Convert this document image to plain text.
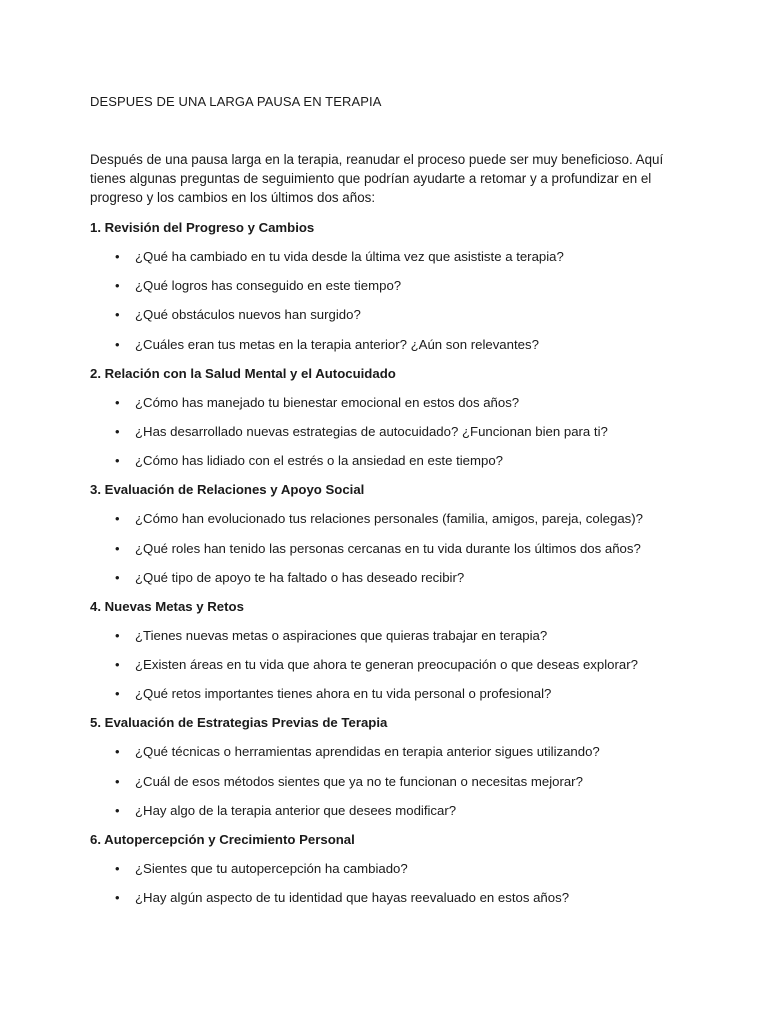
DESPUES DE UNA LARGA PAUSA EN TERAPIA
Después de una pausa larga en la terapia, reanudar el proceso puede ser muy beneficioso. Aquí tienes algunas preguntas de seguimiento que podrían ayudarte a retomar y a profundizar en el progreso y los cambios en los últimos dos años:
1. Revisión del Progreso y Cambios
• ¿Qué ha cambiado en tu vida desde la última vez que asististe a terapia?
• ¿Qué logros has conseguido en este tiempo?
• ¿Qué obstáculos nuevos han surgido?
• ¿Cuáles eran tus metas en la terapia anterior? ¿Aún son relevantes?
2. Relación con la Salud Mental y el Autocuidado
• ¿Cómo has manejado tu bienestar emocional en estos dos años?
• ¿Has desarrollado nuevas estrategias de autocuidado? ¿Funcionan bien para ti?
• ¿Cómo has lidiado con el estrés o la ansiedad en este tiempo?
3. Evaluación de Relaciones y Apoyo Social
• ¿Cómo han evolucionado tus relaciones personales (familia, amigos, pareja, colegas)?
• ¿Qué roles han tenido las personas cercanas en tu vida durante los últimos dos años?
• ¿Qué tipo de apoyo te ha faltado o has deseado recibir?
4. Nuevas Metas y Retos
• ¿Tienes nuevas metas o aspiraciones que quieras trabajar en terapia?
• ¿Existen áreas en tu vida que ahora te generan preocupación o que deseas explorar?
• ¿Qué retos importantes tienes ahora en tu vida personal o profesional?
5. Evaluación de Estrategias Previas de Terapia
• ¿Qué técnicas o herramientas aprendidas en terapia anterior sigues utilizando?
• ¿Cuál de esos métodos sientes que ya no te funcionan o necesitas mejorar?
• ¿Hay algo de la terapia anterior que desees modificar?
6. Autopercepción y Crecimiento Personal
• ¿Sientes que tu autopercepción ha cambiado?
• ¿Hay algún aspecto de tu identidad que hayas reevaluado en estos años?
